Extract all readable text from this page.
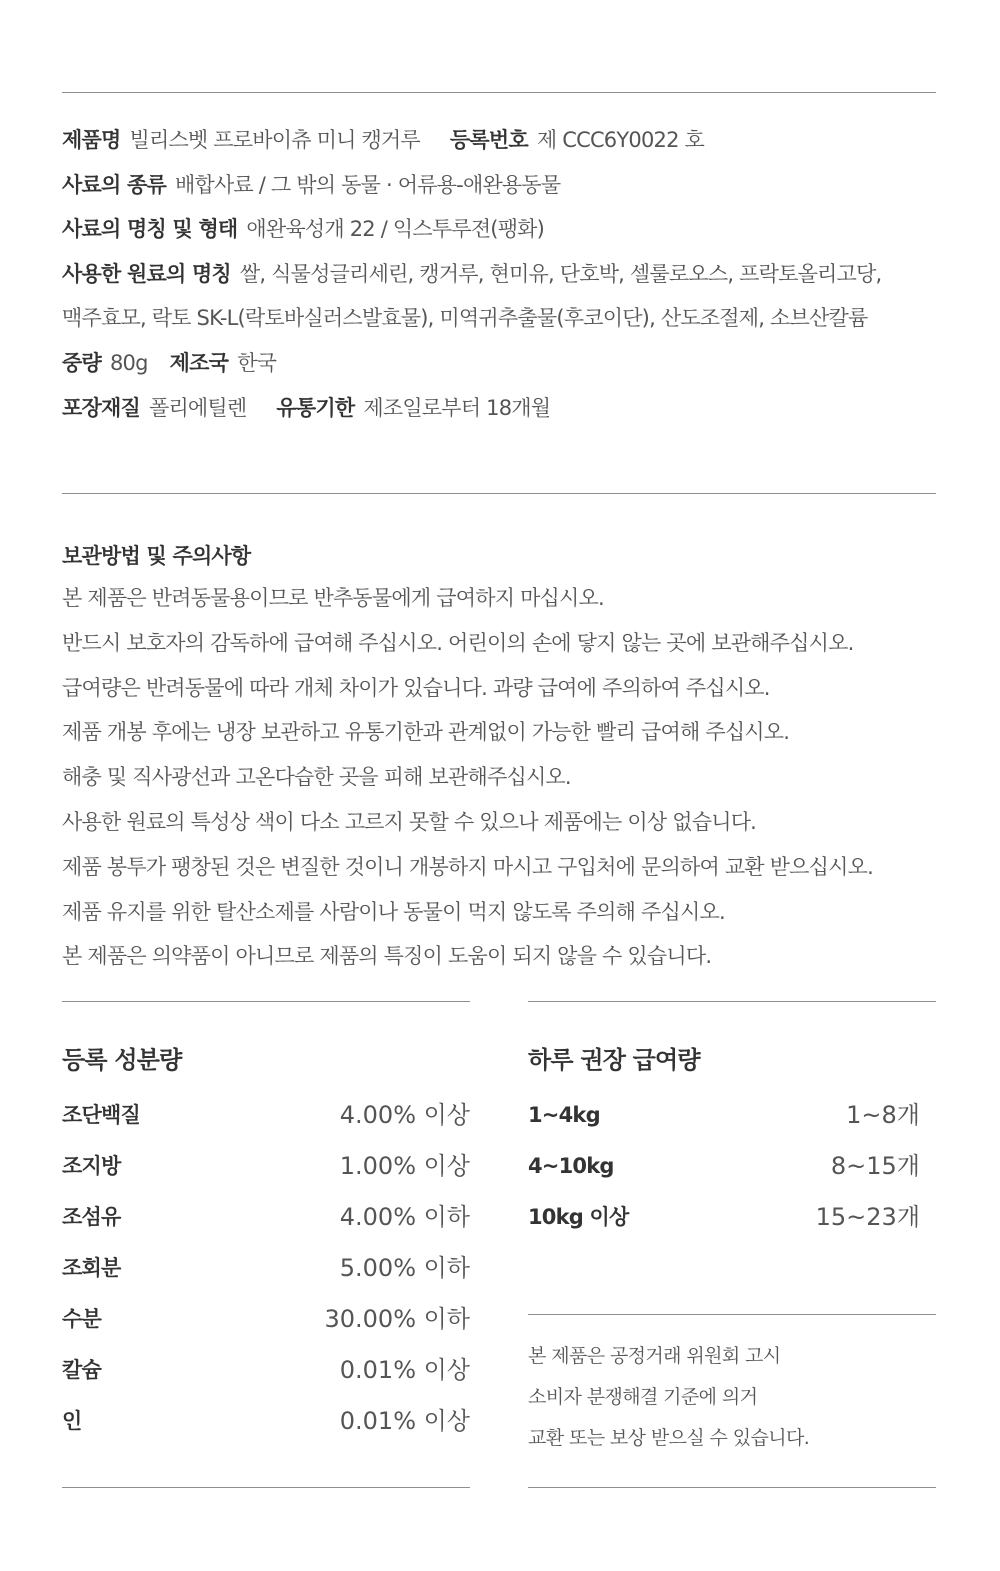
제품명 빌리스벳 프로바이츄 미니 캥거루 등록번호 제 CCC6Y0022 호
사료의 종류 배합사료 / 그 밖의 동물 · 어류용-애완용동물
사료의 명칭 및 형태 애완육성개 22 / 익스투루젼(팽화)
사용한 원료의 명칭 쌀, 식물성글리세린, 캥거루, 현미유, 단호박, 셀룰로오스, 프락토올리고당,
맥주효모, 락토 SK-L(락토바실러스발효물), 미역귀추출물(후코이단), 산도조절제, 소브산칼륨
중량 80g 제조국 한국
포장재질 폴리에틸렌 유통기한 제조일로부터 18개월
보관방법 및 주의사항
본 제품은 반려동물용이므로 반추동물에게 급여하지 마십시오.
반드시 보호자의 감독하에 급여해 주십시오. 어린이의 손에 닿지 않는 곳에 보관해주십시오.
급여량은 반려동물에 따라 개체 차이가 있습니다. 과량 급여에 주의하여 주십시오.
제품 개봉 후에는 냉장 보관하고 유통기한과 관계없이 가능한 빨리 급여해 주십시오.
해충 및 직사광선과 고온다습한 곳을 피해 보관해주십시오.
사용한 원료의 특성상 색이 다소 고르지 못할 수 있으나 제품에는 이상 없습니다.
제품 봉투가 팽창된 것은 변질한 것이니 개봉하지 마시고 구입처에 문의하여 교환 받으십시오.
제품 유지를 위한 탈산소제를 사람이나 동물이 먹지 않도록 주의해 주십시오.
본 제품은 의약품이 아니므로 제품의 특징이 도움이 되지 않을 수 있습니다.
등록 성분량
조단백질	4.00% 이상
조지방	1.00% 이상
조섬유	4.00% 이하
조회분	5.00% 이하
수분	30.00% 이하
칼슘	0.01% 이상
인	0.01% 이상
하루 권장 급여량
1~4kg	1~8개
4~10kg	8~15개
10kg 이상	15~23개
본 제품은 공정거래 위원회 고시
소비자 분쟁해결 기준에 의거
교환 또는 보상 받으실 수 있습니다.
